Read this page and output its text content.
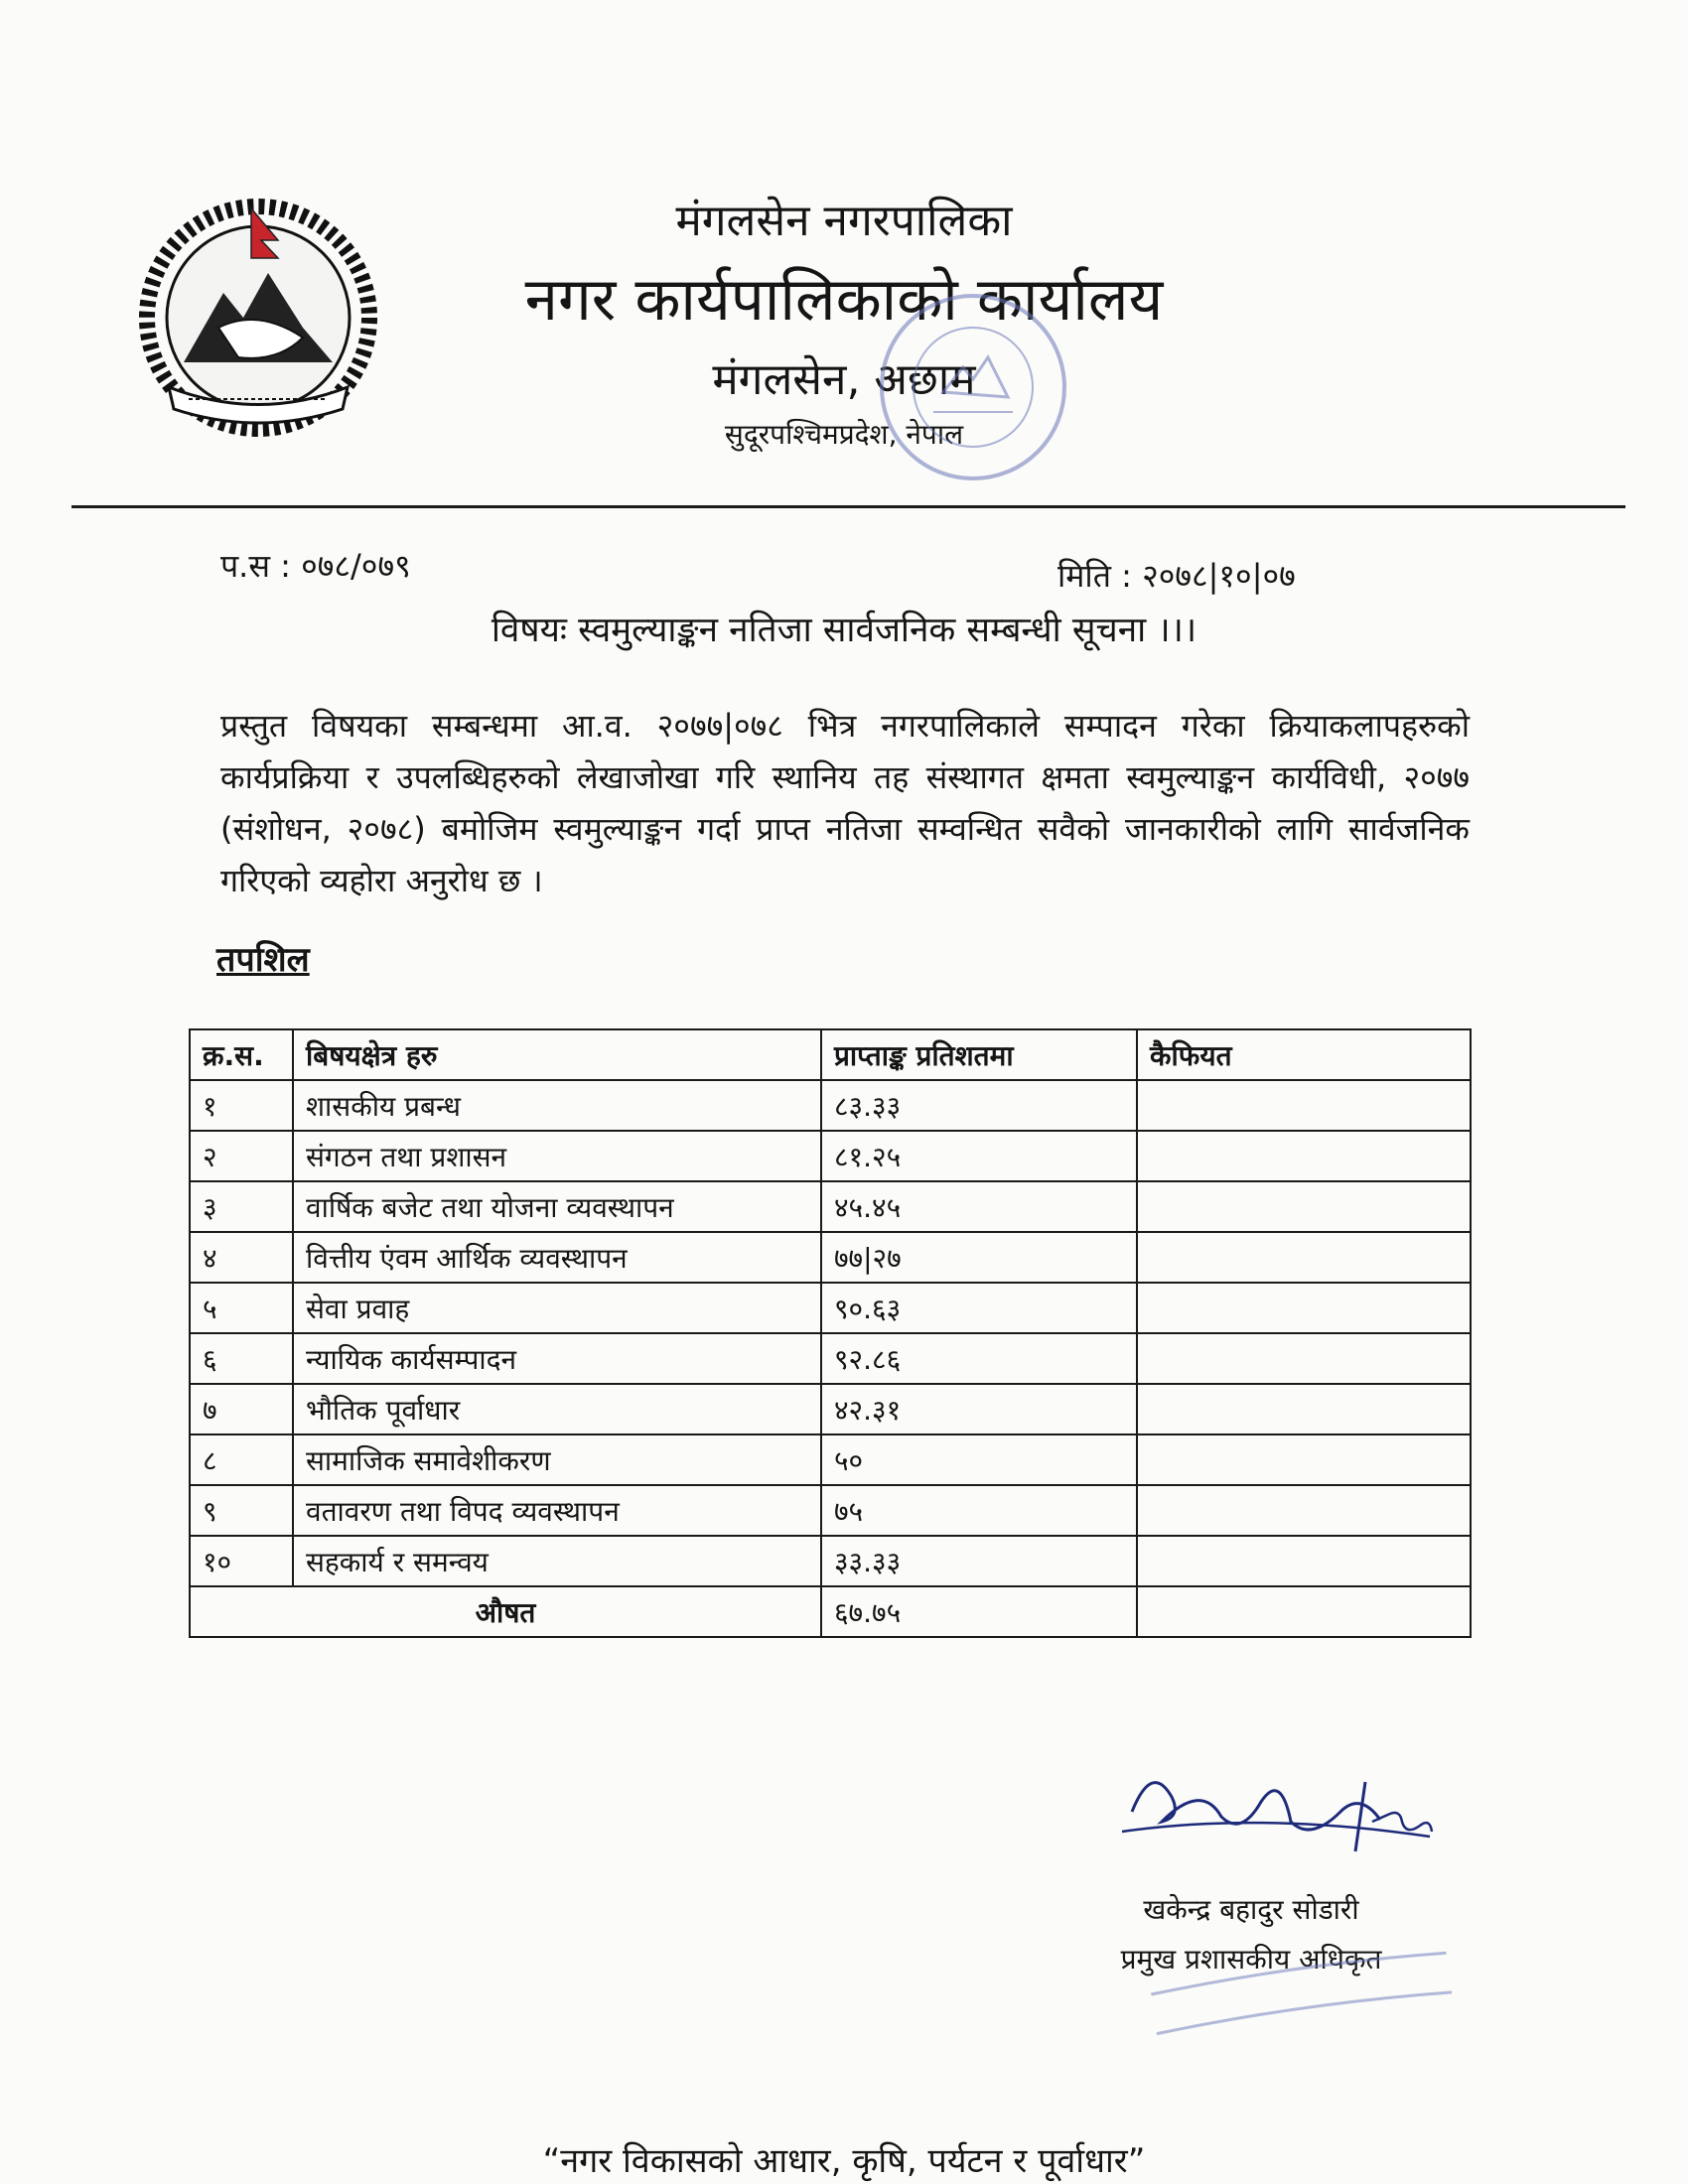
मंगलसेन नगरपालिका
नगर कार्यपालिकाको कार्यालय
मंगलसेन, अछाम
सुदूरपश्चिमप्रदेश, नेपाल
प.स : ०७८/०७९	मिति : २०७८|१०|०७
विषयः स्वमुल्याङ्कन नतिजा सार्वजनिक सम्बन्धी सूचना ।।।
प्रस्तुत विषयका सम्बन्धमा आ.व. २०७७|०७८ भित्र नगरपालिकाले सम्पादन गरेका क्रियाकलापहरुको कार्यप्रक्रिया र उपलब्धिहरुको लेखाजोखा गरि स्थानिय तह संस्थागत क्षमता स्वमुल्याङ्कन कार्यविधी, २०७७ (संशोधन, २०७८) बमोजिम स्वमुल्याङ्कन गर्दा प्राप्त नतिजा सम्वन्धित सवैको जानकारीको लागि सार्वजनिक गरिएको व्यहोरा अनुरोध छ ।
तपशिल
क्र.स.	बिषयक्षेत्र हरु	प्राप्ताङ्क प्रतिशतमा	कैफियत
१	शासकीय प्रबन्ध	८३.३३	
२	संगठन तथा प्रशासन	८१.२५	
३	वार्षिक बजेट तथा योजना व्यवस्थापन	४५.४५	
४	वित्तीय एंवम आर्थिक व्यवस्थापन	७७|२७	
५	सेवा प्रवाह	९०.६३	
६	न्यायिक कार्यसम्पादन	९२.८६	
७	भौतिक पूर्वाधार	४२.३१	
८	सामाजिक समावेशीकरण	५०	
९	वतावरण तथा विपद व्यवस्थापन	७५	
१०	सहकार्य र समन्वय	३३.३३	
औषत		६७.७५	
खकेन्द्र बहादुर सोडारी
प्रमुख प्रशासकीय अधिकृत
“नगर विकासको आधार, कृषि, पर्यटन र पूर्वाधार”
